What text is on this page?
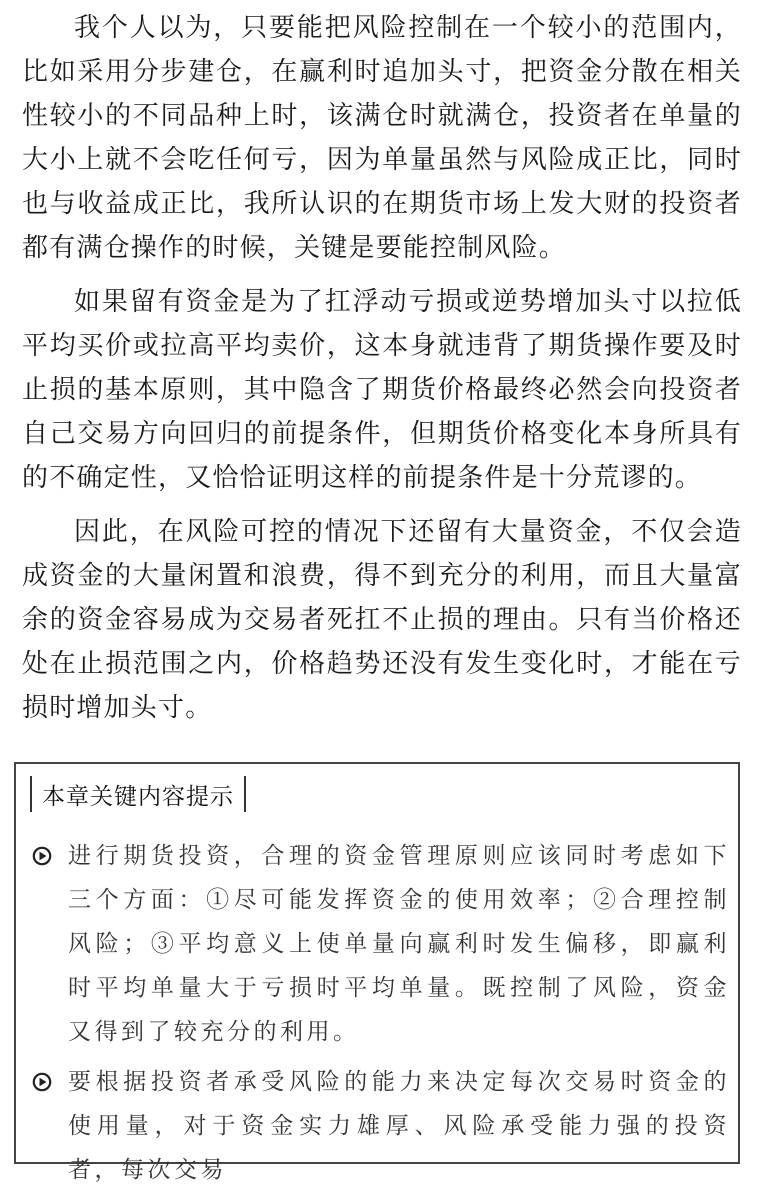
我个人以为，只要能把风险控制在一个较小的范围内，比如采用分步建仓，在赢利时追加头寸，把资金分散在相关性较小的不同品种上时，该满仓时就满仓，投资者在单量的大小上就不会吃任何亏，因为单量虽然与风险成正比，同时也与收益成正比，我所认识的在期货市场上发大财的投资者都有满仓操作的时候，关键是要能控制风险。

如果留有资金是为了扛浮动亏损或逆势增加头寸以拉低平均买价或拉高平均卖价，这本身就违背了期货操作要及时止损的基本原则，其中隐含了期货价格最终必然会向投资者自己交易方向回归的前提条件，但期货价格变化本身所具有的不确定性，又恰恰证明这样的前提条件是十分荒谬的。

因此，在风险可控的情况下还留有大量资金，不仅会造成资金的大量闲置和浪费，得不到充分的利用，而且大量富余的资金容易成为交易者死扛不止损的理由。只有当价格还处在止损范围之内，价格趋势还没有发生变化时，才能在亏损时增加头寸。

本章关键内容提示
进行期货投资，合理的资金管理原则应该同时考虑如下三个方面：①尽可能发挥资金的使用效率；②合理控制风险；③平均意义上使单量向赢利时发生偏移，即赢利时平均单量大于亏损时平均单量。既控制了风险，资金又得到了较充分的利用。
要根据投资者承受风险的能力来决定每次交易时资金的使用量，对于资金实力雄厚、风险承受能力强的投资者，每次交易
